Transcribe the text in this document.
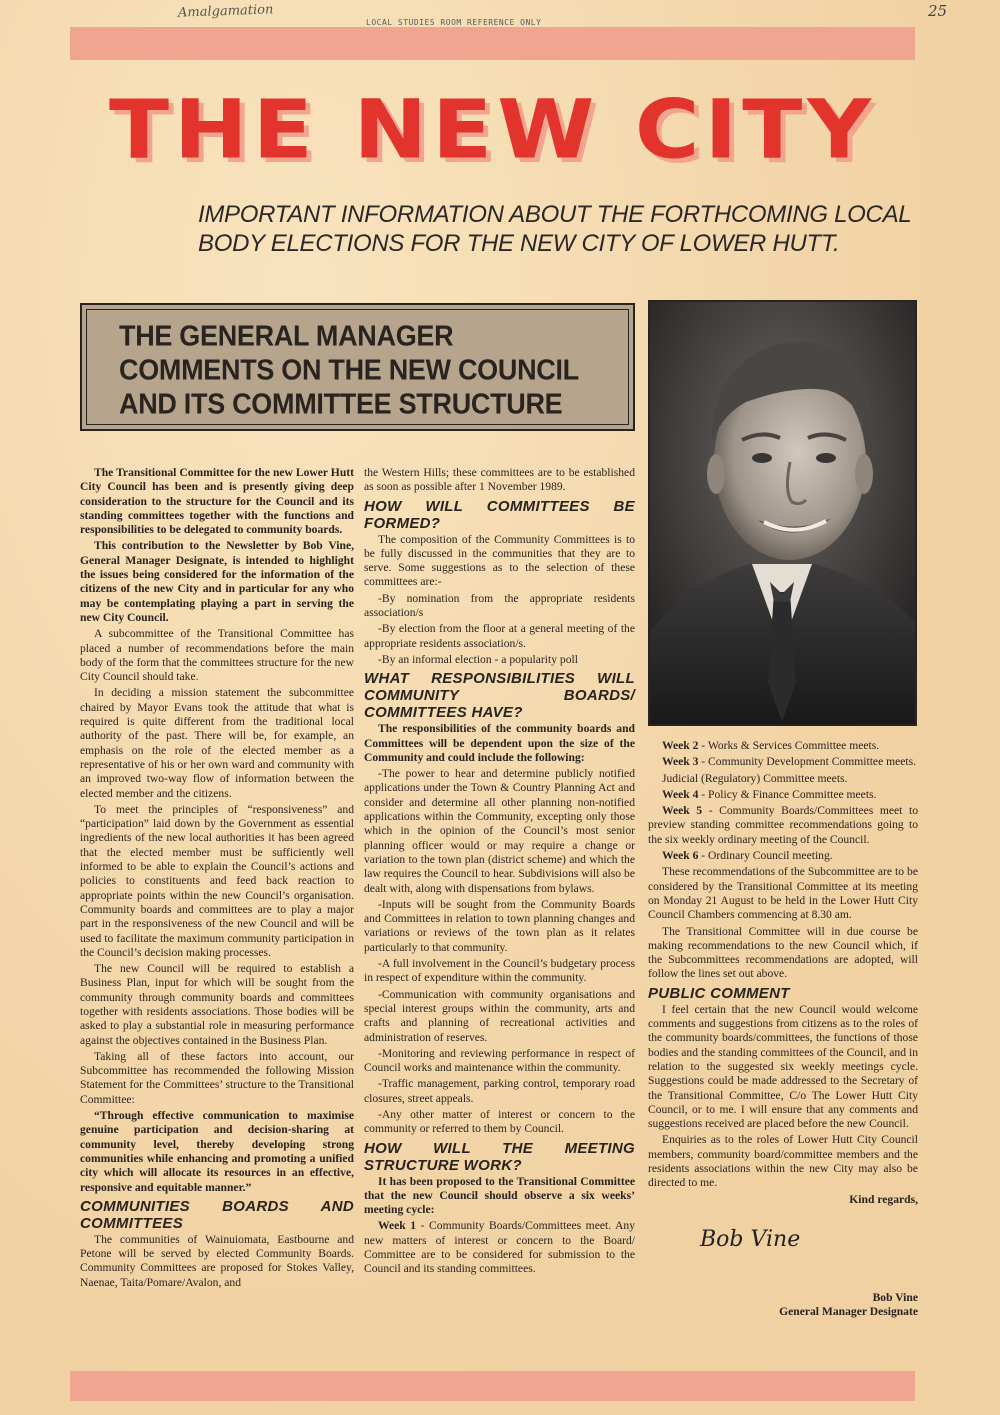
Amalgamation	25
LOCAL STUDIES ROOM REFERENCE ONLY
THE NEW CITY
IMPORTANT INFORMATION ABOUT THE FORTHCOMING LOCAL BODY ELECTIONS FOR THE NEW CITY OF LOWER HUTT.
THE GENERAL MANAGER
COMMENTS ON THE NEW COUNCIL
AND ITS COMMITTEE STRUCTURE

The Transitional Committee for the new Lower Hutt City Council has been and is presently giving deep consideration to the structure for the Council and its standing committees together with the functions and responsibilities to be delegated to community boards.

This contribution to the Newsletter by Bob Vine, General Manager Designate, is intended to highlight the issues being considered for the information of the citizens of the new City and in particular for any who may be contemplating playing a part in serving the new City Council.

A subcommittee of the Transitional Committee has placed a number of recommendations before the main body of the form that the committees structure for the new City Council should take.

In deciding a mission statement the subcommittee chaired by Mayor Evans took the attitude that what is required is quite different from the traditional local authority of the past. There will be, for example, an emphasis on the role of the elected member as a representative of his or her own ward and community with an improved two-way flow of information between the elected member and the citizens.

To meet the principles of “responsiveness” and “participation” laid down by the Government as essential ingredients of the new local authorities it has been agreed that the elected member must be sufficiently well informed to be able to explain the Council’s actions and policies to constituents and feed back reaction to appropriate points within the new Council’s organisation. Community boards and committees are to play a major part in the responsiveness of the new Council and will be used to facilitate the maximum community participation in the Council’s decision making processes.

The new Council will be required to establish a Business Plan, input for which will be sought from the community through community boards and committees together with residents associations. Those bodies will be asked to play a substantial role in measuring performance against the objectives contained in the Business Plan.

Taking all of these factors into account, our Subcommittee has recommended the following Mission Statement for the Committees’ structure to the Transitional Committee:

“Through effective communication to maximise genuine participation and decision-sharing at community level, thereby developing strong communities while enhancing and promoting a unified city which will allocate its resources in an effective, responsive and equitable manner.”

COMMUNITIES BOARDS AND COMMITTEES

The communities of Wainuiomata, Eastbourne and Petone will be served by elected Community Boards. Community Committees are proposed for Stokes Valley, Naenae, Taita/Pomare/Avalon, and

the Western Hills; these committees are to be established as soon as possible after 1 November 1989.

HOW WILL COMMITTEES BE FORMED?

The composition of the Community Committees is to be fully discussed in the communities that they are to serve. Some suggestions as to the selection of these committees are:-

-By nomination from the appropriate residents association/s

-By election from the floor at a general meeting of the appropriate residents association/s.

-By an informal election - a popularity poll

WHAT RESPONSIBILITIES WILL COMMUNITY BOARDS/ COMMITTEES HAVE?

The responsibilities of the community boards and Committees will be dependent upon the size of the Community and could include the following:

-The power to hear and determine publicly notified applications under the Town & Country Planning Act and consider and determine all other planning non-notified applications within the Community, excepting only those which in the opinion of the Council’s most senior planning officer would or may require a change or variation to the town plan (district scheme) and which the law requires the Council to hear. Subdivisions will also be dealt with, along with dispensations from bylaws.

-Inputs will be sought from the Community Boards and Committees in relation to town planning changes and variations or reviews of the town plan as it relates particularly to that community.

-A full involvement in the Council’s budgetary process in respect of expenditure within the community.

-Communication with community organisations and special interest groups within the community, arts and crafts and planning of recreational activities and administration of reserves.

-Monitoring and reviewing performance in respect of Council works and maintenance within the community.

-Traffic management, parking control, temporary road closures, street appeals.

-Any other matter of interest or concern to the community or referred to them by Council.

HOW WILL THE MEETING STRUCTURE WORK?

It has been proposed to the Transitional Committee that the new Council should observe a six weeks’ meeting cycle:

Week 1 - Community Boards/Committees meet. Any new matters of interest or concern to the Board/ Committee are to be considered for submission to the Council and its standing committees.

Week 2 - Works & Services Committee meets.

Week 3 - Community Development Committee meets.

Judicial (Regulatory) Committee meets.

Week 4 - Policy & Finance Committee meets.

Week 5 - Community Boards/Committees meet to preview standing committee recommendations going to the six weekly ordinary meeting of the Council.

Week 6 - Ordinary Council meeting.

These recommendations of the Subcommittee are to be considered by the Transitional Committee at its meeting on Monday 21 August to be held in the Lower Hutt City Council Chambers commencing at 8.30 am.

The Transitional Committee will in due course be making recommendations to the new Council which, if the Subcommittees recommendations are adopted, will follow the lines set out above.

PUBLIC COMMENT

I feel certain that the new Council would welcome comments and suggestions from citizens as to the roles of the community boards/committees, the functions of those bodies and the standing committees of the Council, and in relation to the suggested six weekly meetings cycle. Suggestions could be made addressed to the Secretary of the Transitional Committee, C/o The Lower Hutt City Council, or to me. I will ensure that any comments and suggestions received are placed before the new Council.

Enquiries as to the roles of Lower Hutt City Council members, community board/committee members and the residents associations within the new City may also be directed to me.

Kind regards,
Bob Vine
Bob Vine
General Manager Designate
